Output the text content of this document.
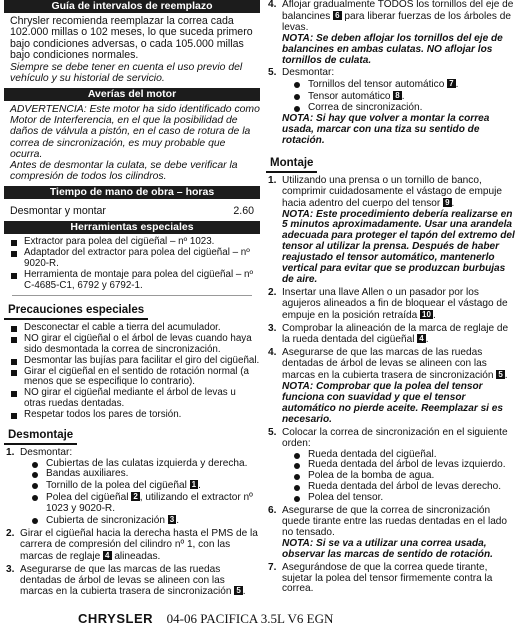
Guía de intervalos de reemplazo

Chrysler recomienda reemplazar la correa cada 102.000 millas o 102 meses, lo que suceda primero bajo condiciones adversas, o cada 105.000 millas bajo condiciones normales.

Siempre se debe tener en cuenta el uso previo del vehículo y su historial de servicio.

Averías del motor

ADVERTENCIA: Este motor ha sido identificado como Motor de Interferencia, en el que la posibilidad de daños de válvula a pistón, en el caso de rotura de la correa de sincronización, es muy probable que ocurra.

Antes de desmontar la culata, se debe verificar la compresión de todos los cilindros.

Tiempo de mano de obra – horas
Desmontar y montar	2.60
Herramientas especiales
Extractor para polea del cigüeñal – nº 1023.
Adaptador del extractor para polea del cigüeñal – nº 9020-R.
Herramienta de montaje para polea del cigüeñal – nº C-4685-C1, 6792 y 6792-1.
Precauciones especiales
Desconectar el cable a tierra del acumulador.
NO girar el cigüeñal o el árbol de levas cuando haya sido desmontada la correa de sincronización.
Desmontar las bujías para facilitar el giro del cigüeñal.
Girar el cigüeñal en el sentido de rotación normal (a menos que se especifique lo contrario).
NO girar el cigüeñal mediante el árbol de levas u otras ruedas dentadas.
Respetar todos los pares de torsión.
Desmontaje
1. Desmontar:
Cubiertas de las culatas izquierda y derecha.
Bandas auxiliares.
Tornillo de la polea del cigüeñal 1 .
Polea del cigüeñal 2 , utilizando el extractor nº 1023 y 9020-R.
Cubierta de sincronización 3 .
2. Girar el cigüeñal hacia la derecha hasta el PMS de la carrera de compresión del cilindro nº 1, con las marcas de reglaje 4 alineadas.
3. Asegurarse de que las marcas de las ruedas dentadas de árbol de levas se alineen con las marcas en la cubierta trasera de sincronización 5 .
4. Aflojar gradualmente TODOS los tornillos del eje de balancines 6 para liberar fuerzas de los árboles de levas.
NOTA: Se deben aflojar los tornillos del eje de balancines en ambas culatas. NO aflojar los tornillos de culata.
5. Desmontar:
Tornillos del tensor automático 7 .
Tensor automático 8 .
Correa de sincronización.
NOTA: Si hay que volver a montar la correa usada, marcar con una tiza su sentido de rotación.
Montaje
1. Utilizando una prensa o un tornillo de banco, comprimir cuidadosamente el vástago de empuje hacia adentro del cuerpo del tensor 9 .
NOTA: Este procedimiento debería realizarse en 5 minutos aproximadamente. Usar una arandela adecuada para proteger el tapón del extremo del tensor al utilizar la prensa. Después de haber reajustado el tensor automático, mantenerlo vertical para evitar que se produzcan burbujas de aire.
2. Insertar una llave Allen o un pasador por los agujeros alineados a fin de bloquear el vástago de empuje en la posición retraída 10 .
3. Comprobar la alineación de la marca de reglaje de la rueda dentada del cigüeñal 4 .
4. Asegurarse de que las marcas de las ruedas dentadas de árbol de levas se alineen con las marcas en la cubierta trasera de sincronización 5 .
NOTA: Comprobar que la polea del tensor funciona con suavidad y que el tensor automático no pierde aceite. Reemplazar si es necesario.
5. Colocar la correa de sincronización en el siguiente orden:
Rueda dentada del cigüeñal.
Rueda dentada del árbol de levas izquierdo.
Polea de la bomba de agua.
Rueda dentada del árbol de levas derecho.
Polea del tensor.
6. Asegurarse de que la correa de sincronización quede tirante entre las ruedas dentadas en el lado no tensado.
NOTA: Si se va a utilizar una correa usada, observar las marcas de sentido de rotación.
7. Asegurándose de que la correa quede tirante, sujetar la polea del tensor firmemente contra la correa.
CHRYSLER 04-06 PACIFICA 3.5L V6 EGN
